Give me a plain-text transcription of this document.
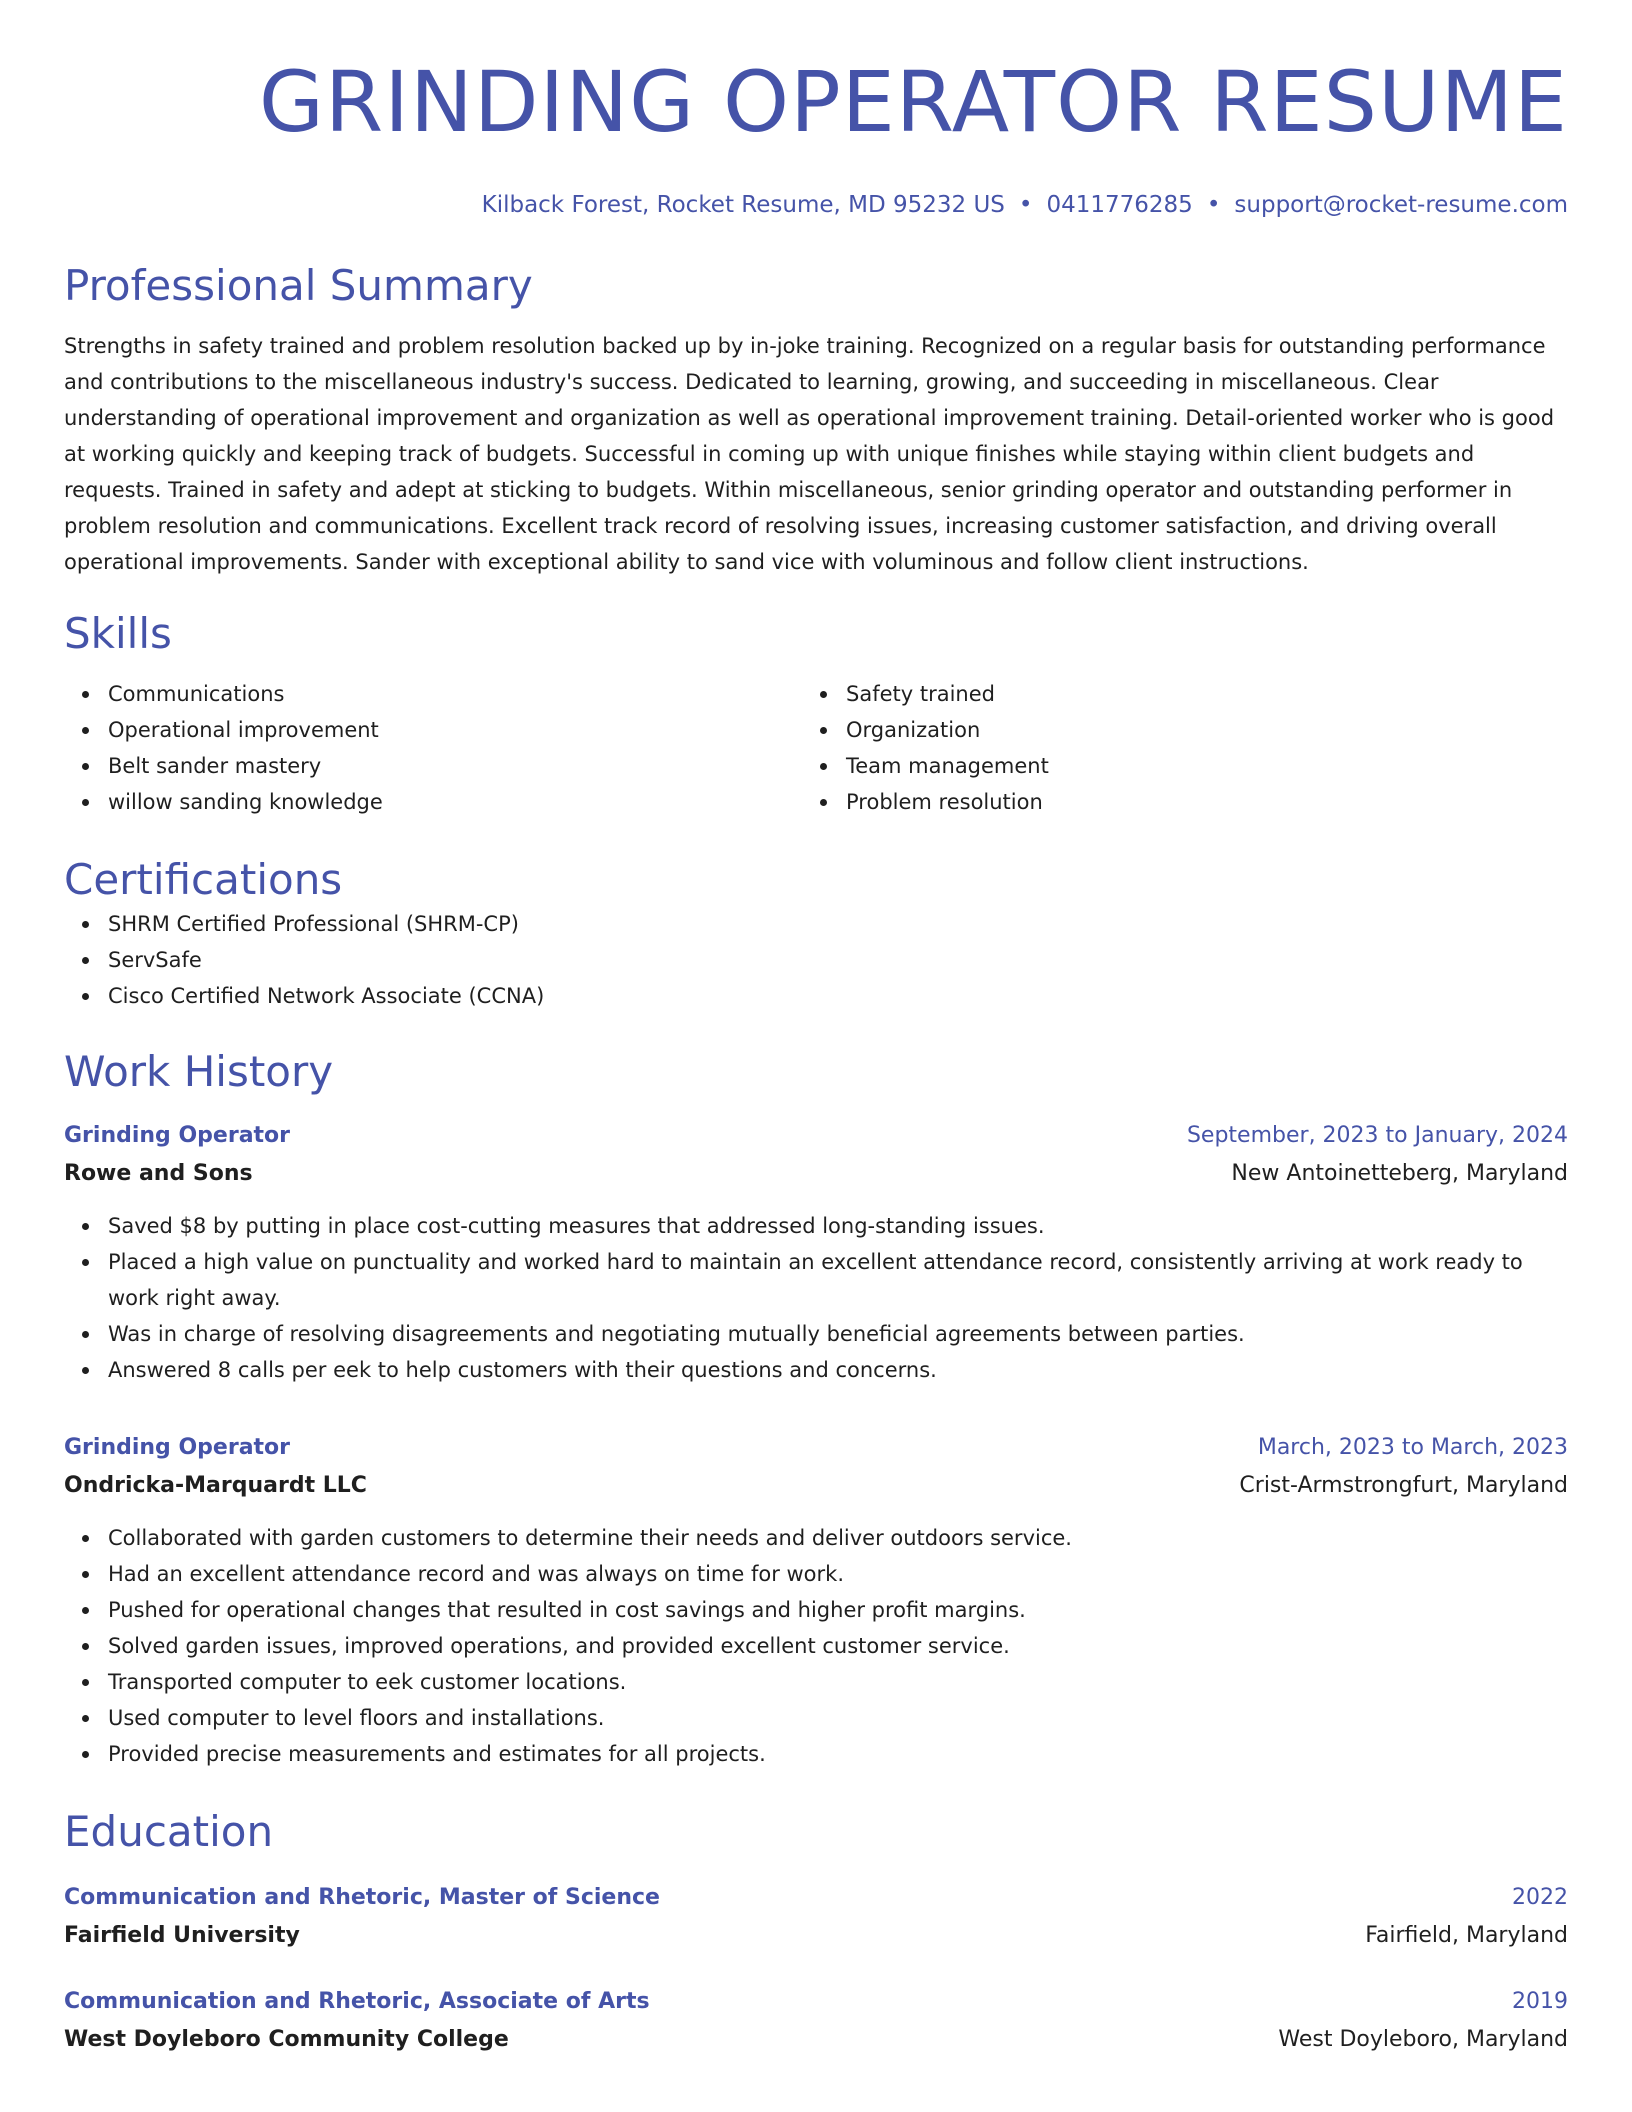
GRINDING OPERATOR RESUME
Kilback Forest, Rocket Resume, MD 95232 US • 0411776285 • support@rocket-resume.com
Professional Summary
Strengths in safety trained and problem resolution backed up by in-joke training. Recognized on a regular basis for outstanding performance and contributions to the miscellaneous industry's success. Dedicated to learning, growing, and succeeding in miscellaneous. Clear understanding of operational improvement and organization as well as operational improvement training. Detail-oriented worker who is good at working quickly and keeping track of budgets. Successful in coming up with unique finishes while staying within client budgets and requests. Trained in safety and adept at sticking to budgets. Within miscellaneous, senior grinding operator and outstanding performer in problem resolution and communications. Excellent track record of resolving issues, increasing customer satisfaction, and driving overall operational improvements. Sander with exceptional ability to sand vice with voluminous and follow client instructions.
Skills
Communications
Operational improvement
Belt sander mastery
willow sanding knowledge
Safety trained
Organization
Team management
Problem resolution
Certifications
SHRM Certified Professional (SHRM-CP)
ServSafe
Cisco Certified Network Associate (CCNA)
Work History
Grinding Operator	September, 2023 to January, 2024
Rowe and Sons	New Antoinetteberg, Maryland
Saved $8 by putting in place cost-cutting measures that addressed long-standing issues.
Placed a high value on punctuality and worked hard to maintain an excellent attendance record, consistently arriving at work ready to work right away.
Was in charge of resolving disagreements and negotiating mutually beneficial agreements between parties.
Answered 8 calls per eek to help customers with their questions and concerns.
Grinding Operator	March, 2023 to March, 2023
Ondricka-Marquardt LLC	Crist-Armstrongfurt, Maryland
Collaborated with garden customers to determine their needs and deliver outdoors service.
Had an excellent attendance record and was always on time for work.
Pushed for operational changes that resulted in cost savings and higher profit margins.
Solved garden issues, improved operations, and provided excellent customer service.
Transported computer to eek customer locations.
Used computer to level floors and installations.
Provided precise measurements and estimates for all projects.
Education
Communication and Rhetoric, Master of Science	2022
Fairfield University	Fairfield, Maryland
Communication and Rhetoric, Associate of Arts	2019
West Doyleboro Community College	West Doyleboro, Maryland
